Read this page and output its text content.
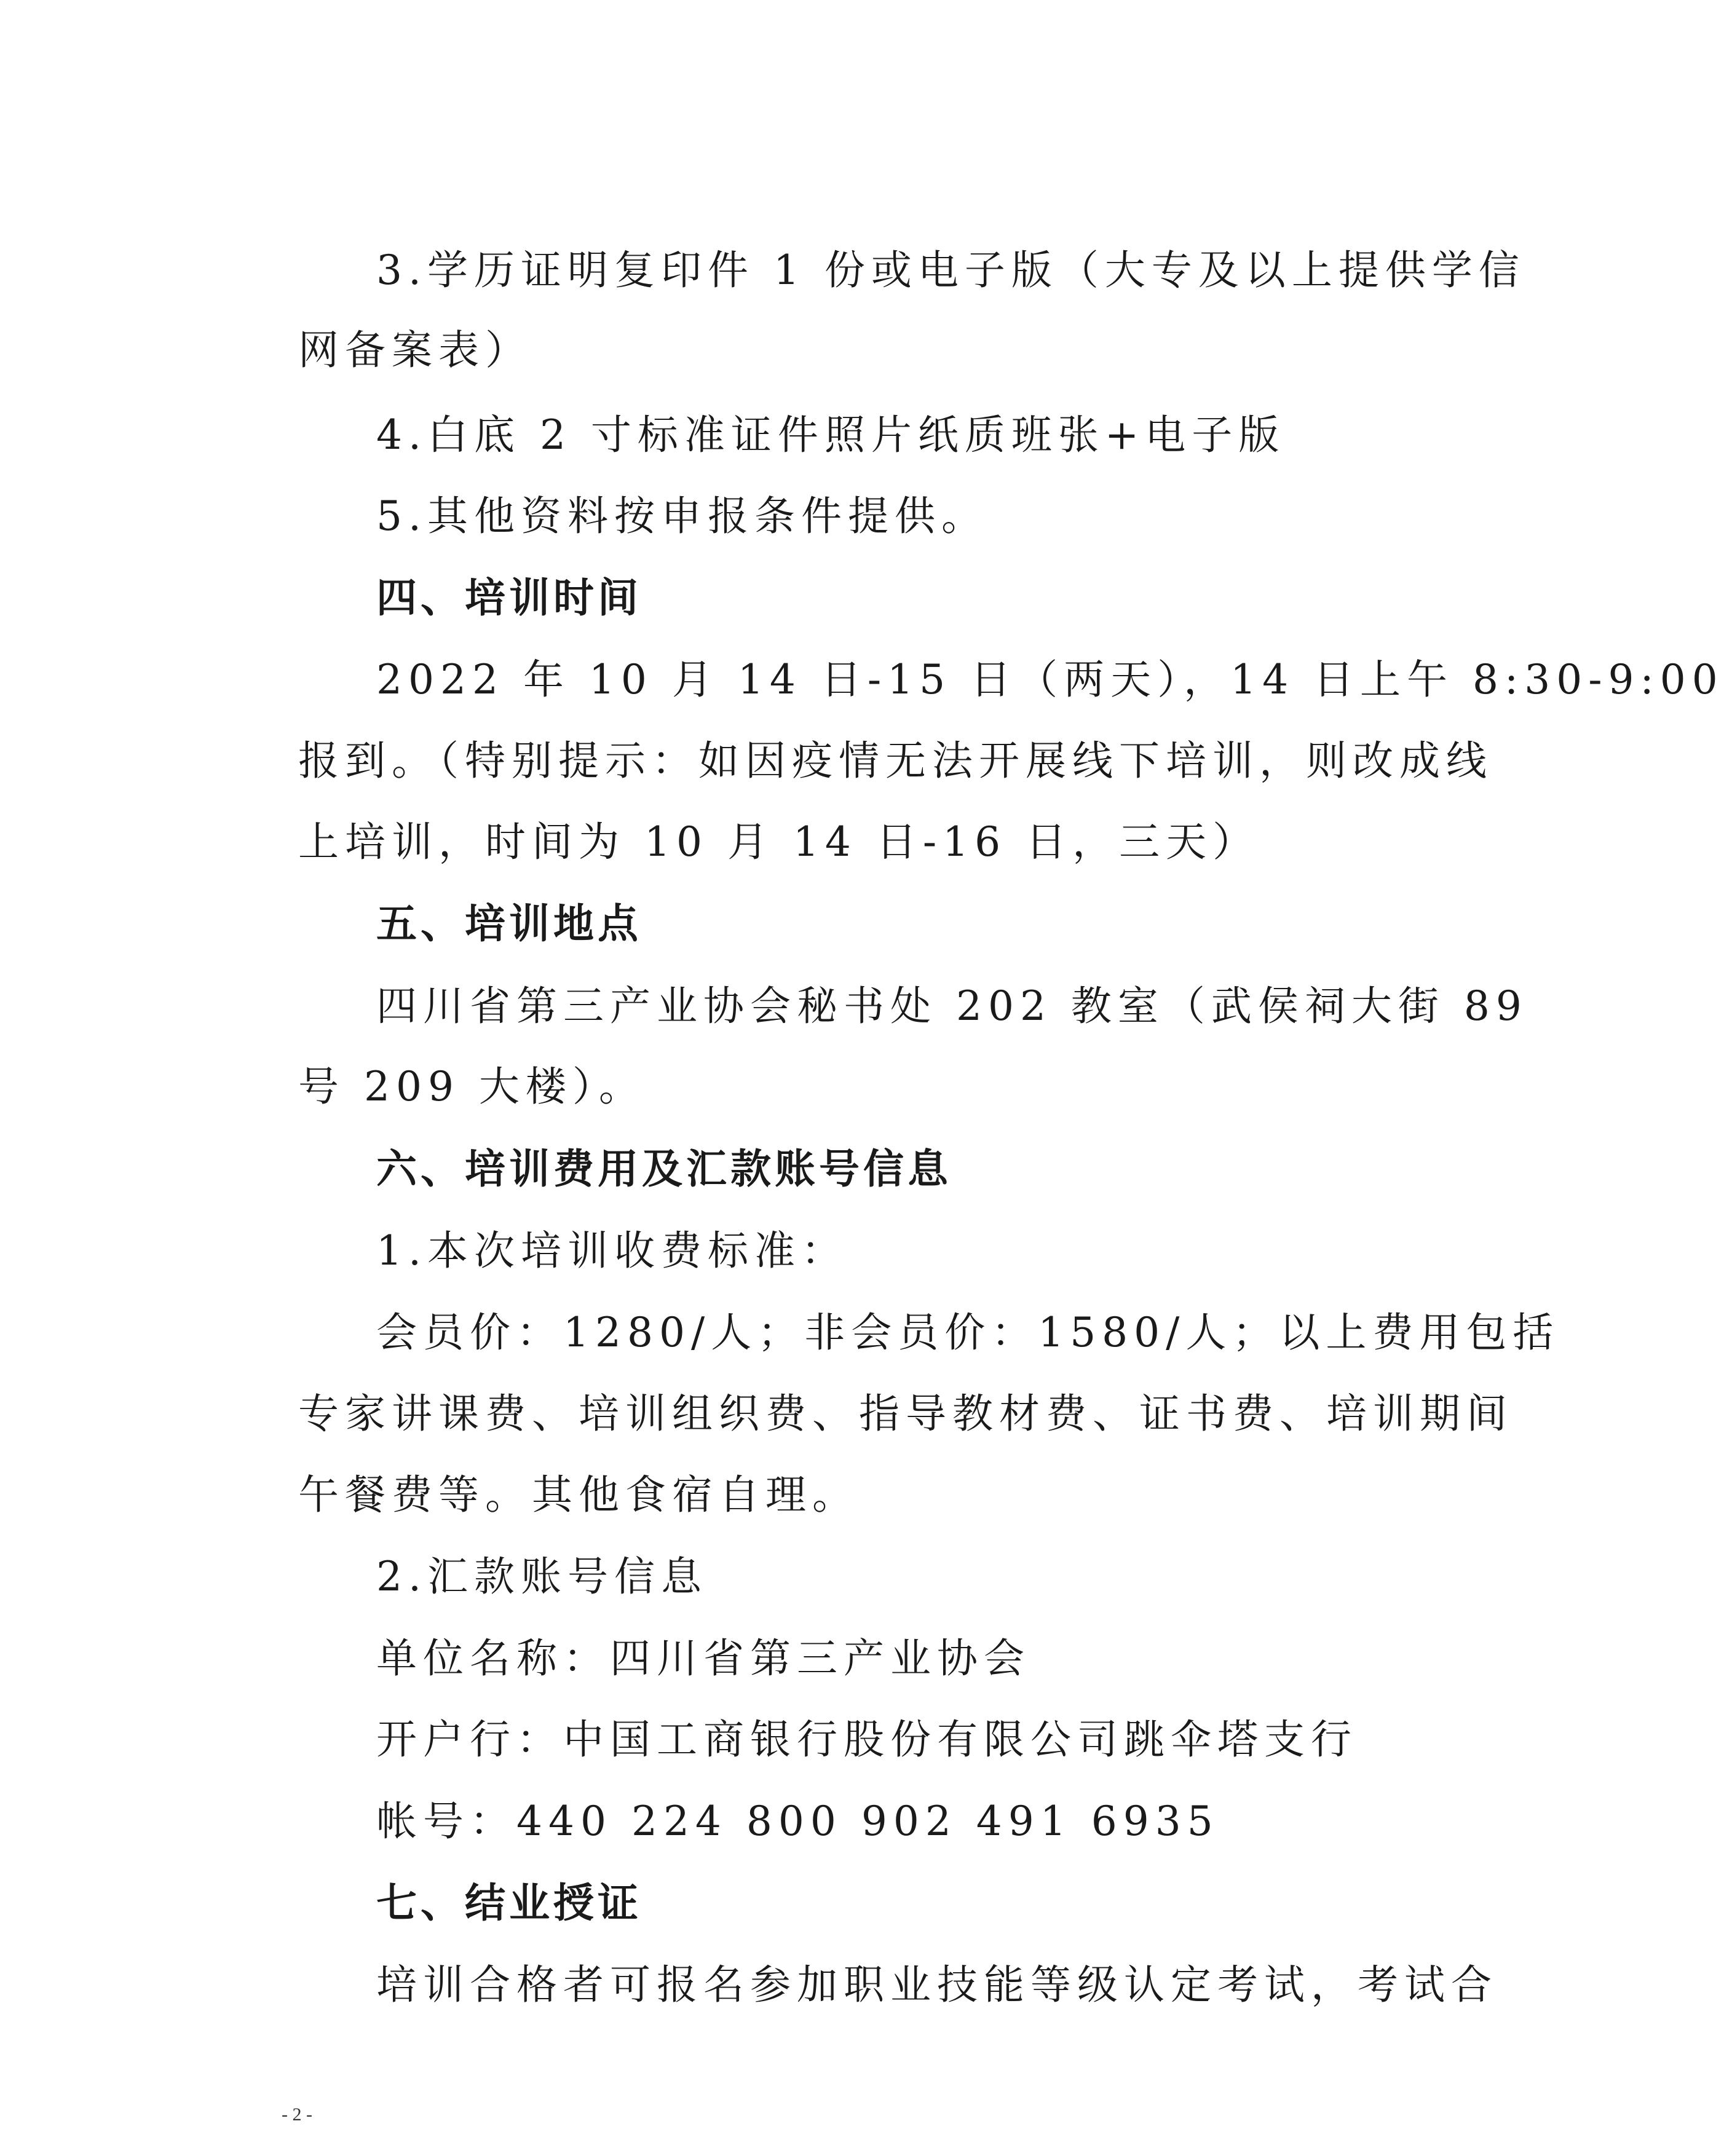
3.学历证明复印件 1 份或电子版（大专及以上提供学信
网备案表）
4.白底 2 寸标准证件照片纸质班张+电子版
5.其他资料按申报条件提供。
四、培训时间
2022 年 10 月 14 日-15 日（两天），14 日上午 8:30-9:00
报到。（特别提示：如因疫情无法开展线下培训，则改成线
上培训，时间为 10 月 14 日-16 日，三天）
五、培训地点
四川省第三产业协会秘书处 202 教室（武侯祠大街 89
号 209 大楼）。
六、培训费用及汇款账号信息
1.本次培训收费标准：
会员价：1280/人；非会员价：1580/人；以上费用包括
专家讲课费、培训组织费、指导教材费、证书费、培训期间
午餐费等。其他食宿自理。
2.汇款账号信息
单位名称：四川省第三产业协会
开户行：中国工商银行股份有限公司跳伞塔支行
帐号：440 224 800 902 491 6935
七、结业授证
培训合格者可报名参加职业技能等级认定考试，考试合
- 2 -
